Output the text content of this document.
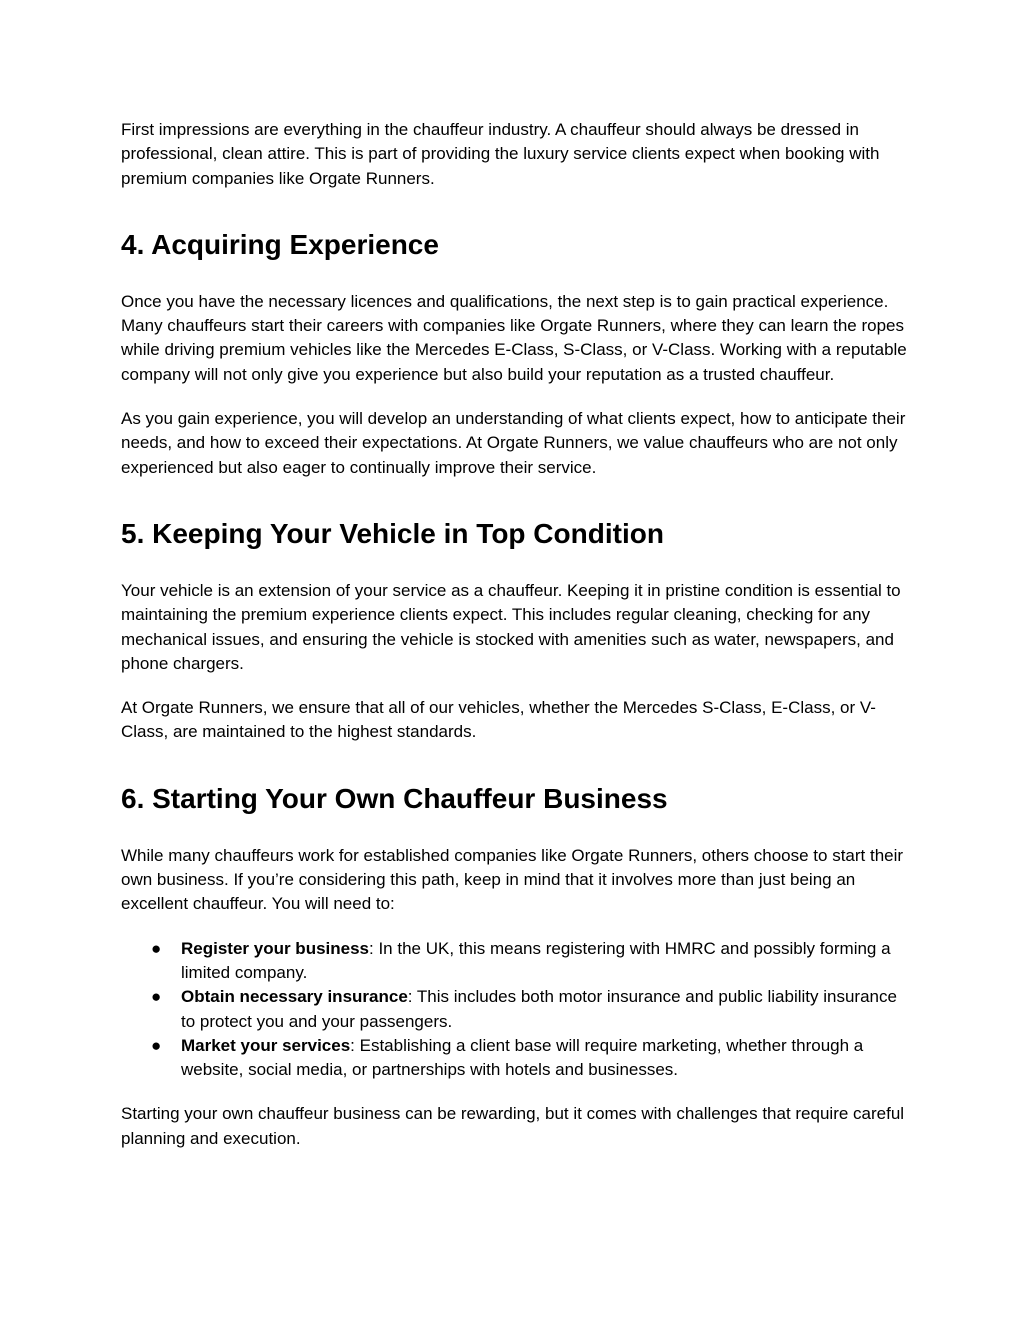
First impressions are everything in the chauffeur industry. A chauffeur should always be dressed in professional, clean attire. This is part of providing the luxury service clients expect when booking with premium companies like Orgate Runners.

4. Acquiring Experience

Once you have the necessary licences and qualifications, the next step is to gain practical experience. Many chauffeurs start their careers with companies like Orgate Runners, where they can learn the ropes while driving premium vehicles like the Mercedes E-Class, S-Class, or V-Class. Working with a reputable company will not only give you experience but also build your reputation as a trusted chauffeur.

As you gain experience, you will develop an understanding of what clients expect, how to anticipate their needs, and how to exceed their expectations. At Orgate Runners, we value chauffeurs who are not only experienced but also eager to continually improve their service.

5. Keeping Your Vehicle in Top Condition

Your vehicle is an extension of your service as a chauffeur. Keeping it in pristine condition is essential to maintaining the premium experience clients expect. This includes regular cleaning, checking for any mechanical issues, and ensuring the vehicle is stocked with amenities such as water, newspapers, and phone chargers.

At Orgate Runners, we ensure that all of our vehicles, whether the Mercedes S-Class, E-Class, or V-Class, are maintained to the highest standards.

6. Starting Your Own Chauffeur Business

While many chauffeurs work for established companies like Orgate Runners, others choose to start their own business. If you’re considering this path, keep in mind that it involves more than just being an excellent chauffeur. You will need to:

● Register your business: In the UK, this means registering with HMRC and possibly forming a limited company.
● Obtain necessary insurance: This includes both motor insurance and public liability insurance to protect you and your passengers.
● Market your services: Establishing a client base will require marketing, whether through a website, social media, or partnerships with hotels and businesses.

Starting your own chauffeur business can be rewarding, but it comes with challenges that require careful planning and execution.
